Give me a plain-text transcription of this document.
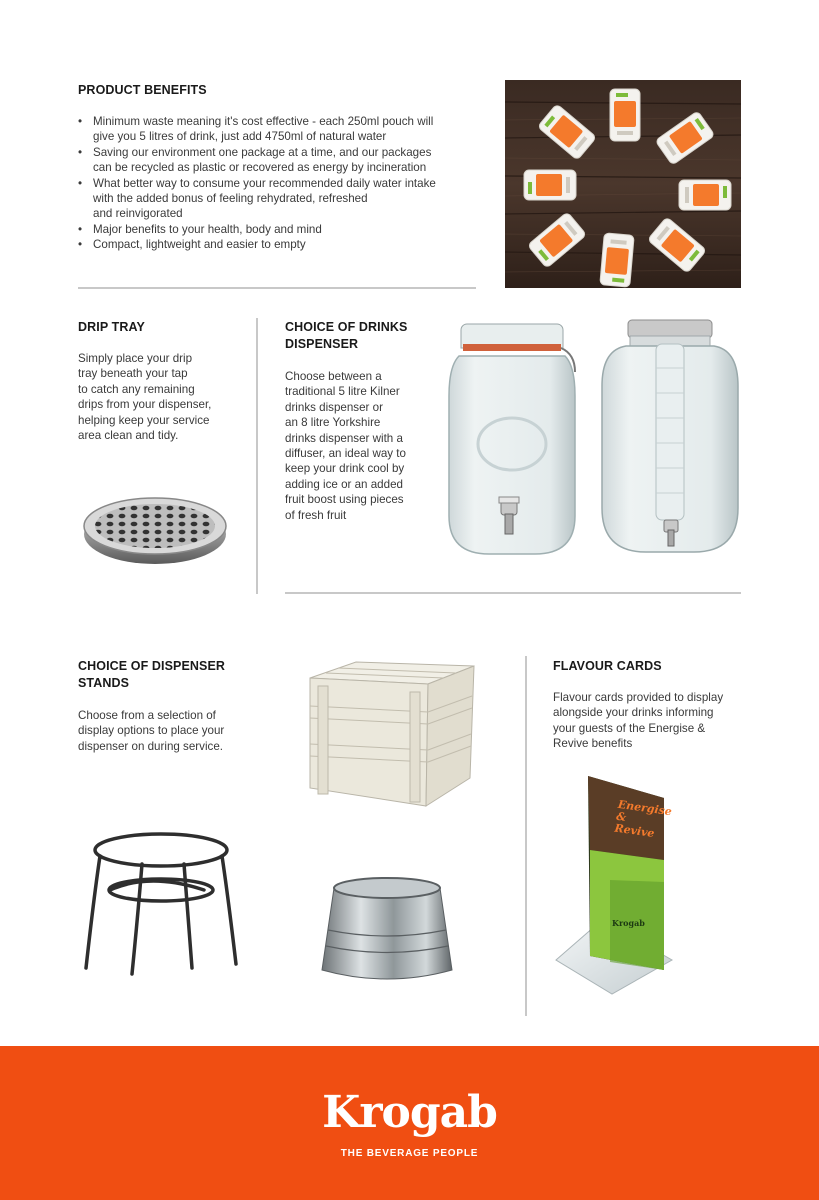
PRODUCT BENEFITS
• Minimum waste meaning it's cost effective - each 250ml pouch will
give you 5 litres of drink, just add 4750ml of natural water
• Saving our environment one package at a time, and our packages
can be recycled as plastic or recovered as energy by incineration
• What better way to consume your recommended daily water intake
with the added bonus of feeling rehydrated, refreshed
and reinvigorated
• Major benefits to your health, body and mind
• Compact, lightweight and easier to empty
DRIP TRAY

Simply place your drip
tray beneath your tap
to catch any remaining
drips from your dispenser,
helping keep your service
area clean and tidy.

CHOICE OF DRINKS
DISPENSER

Choose between a
traditional 5 litre Kilner
drinks dispenser or
an 8 litre Yorkshire
drinks dispenser with a
diffuser, an ideal way to
keep your drink cool by
adding ice or an added
fruit boost using pieces
of fresh fruit

CHOICE OF DISPENSER
STANDS

Choose from a selection of
display options to place your
dispenser on during service.

FLAVOUR CARDS

Flavour cards provided to display
alongside your drinks informing
your guests of the Energise &
Revive benefits

Energise
& Revive
Krogab
Krogab
THE BEVERAGE PEOPLE
